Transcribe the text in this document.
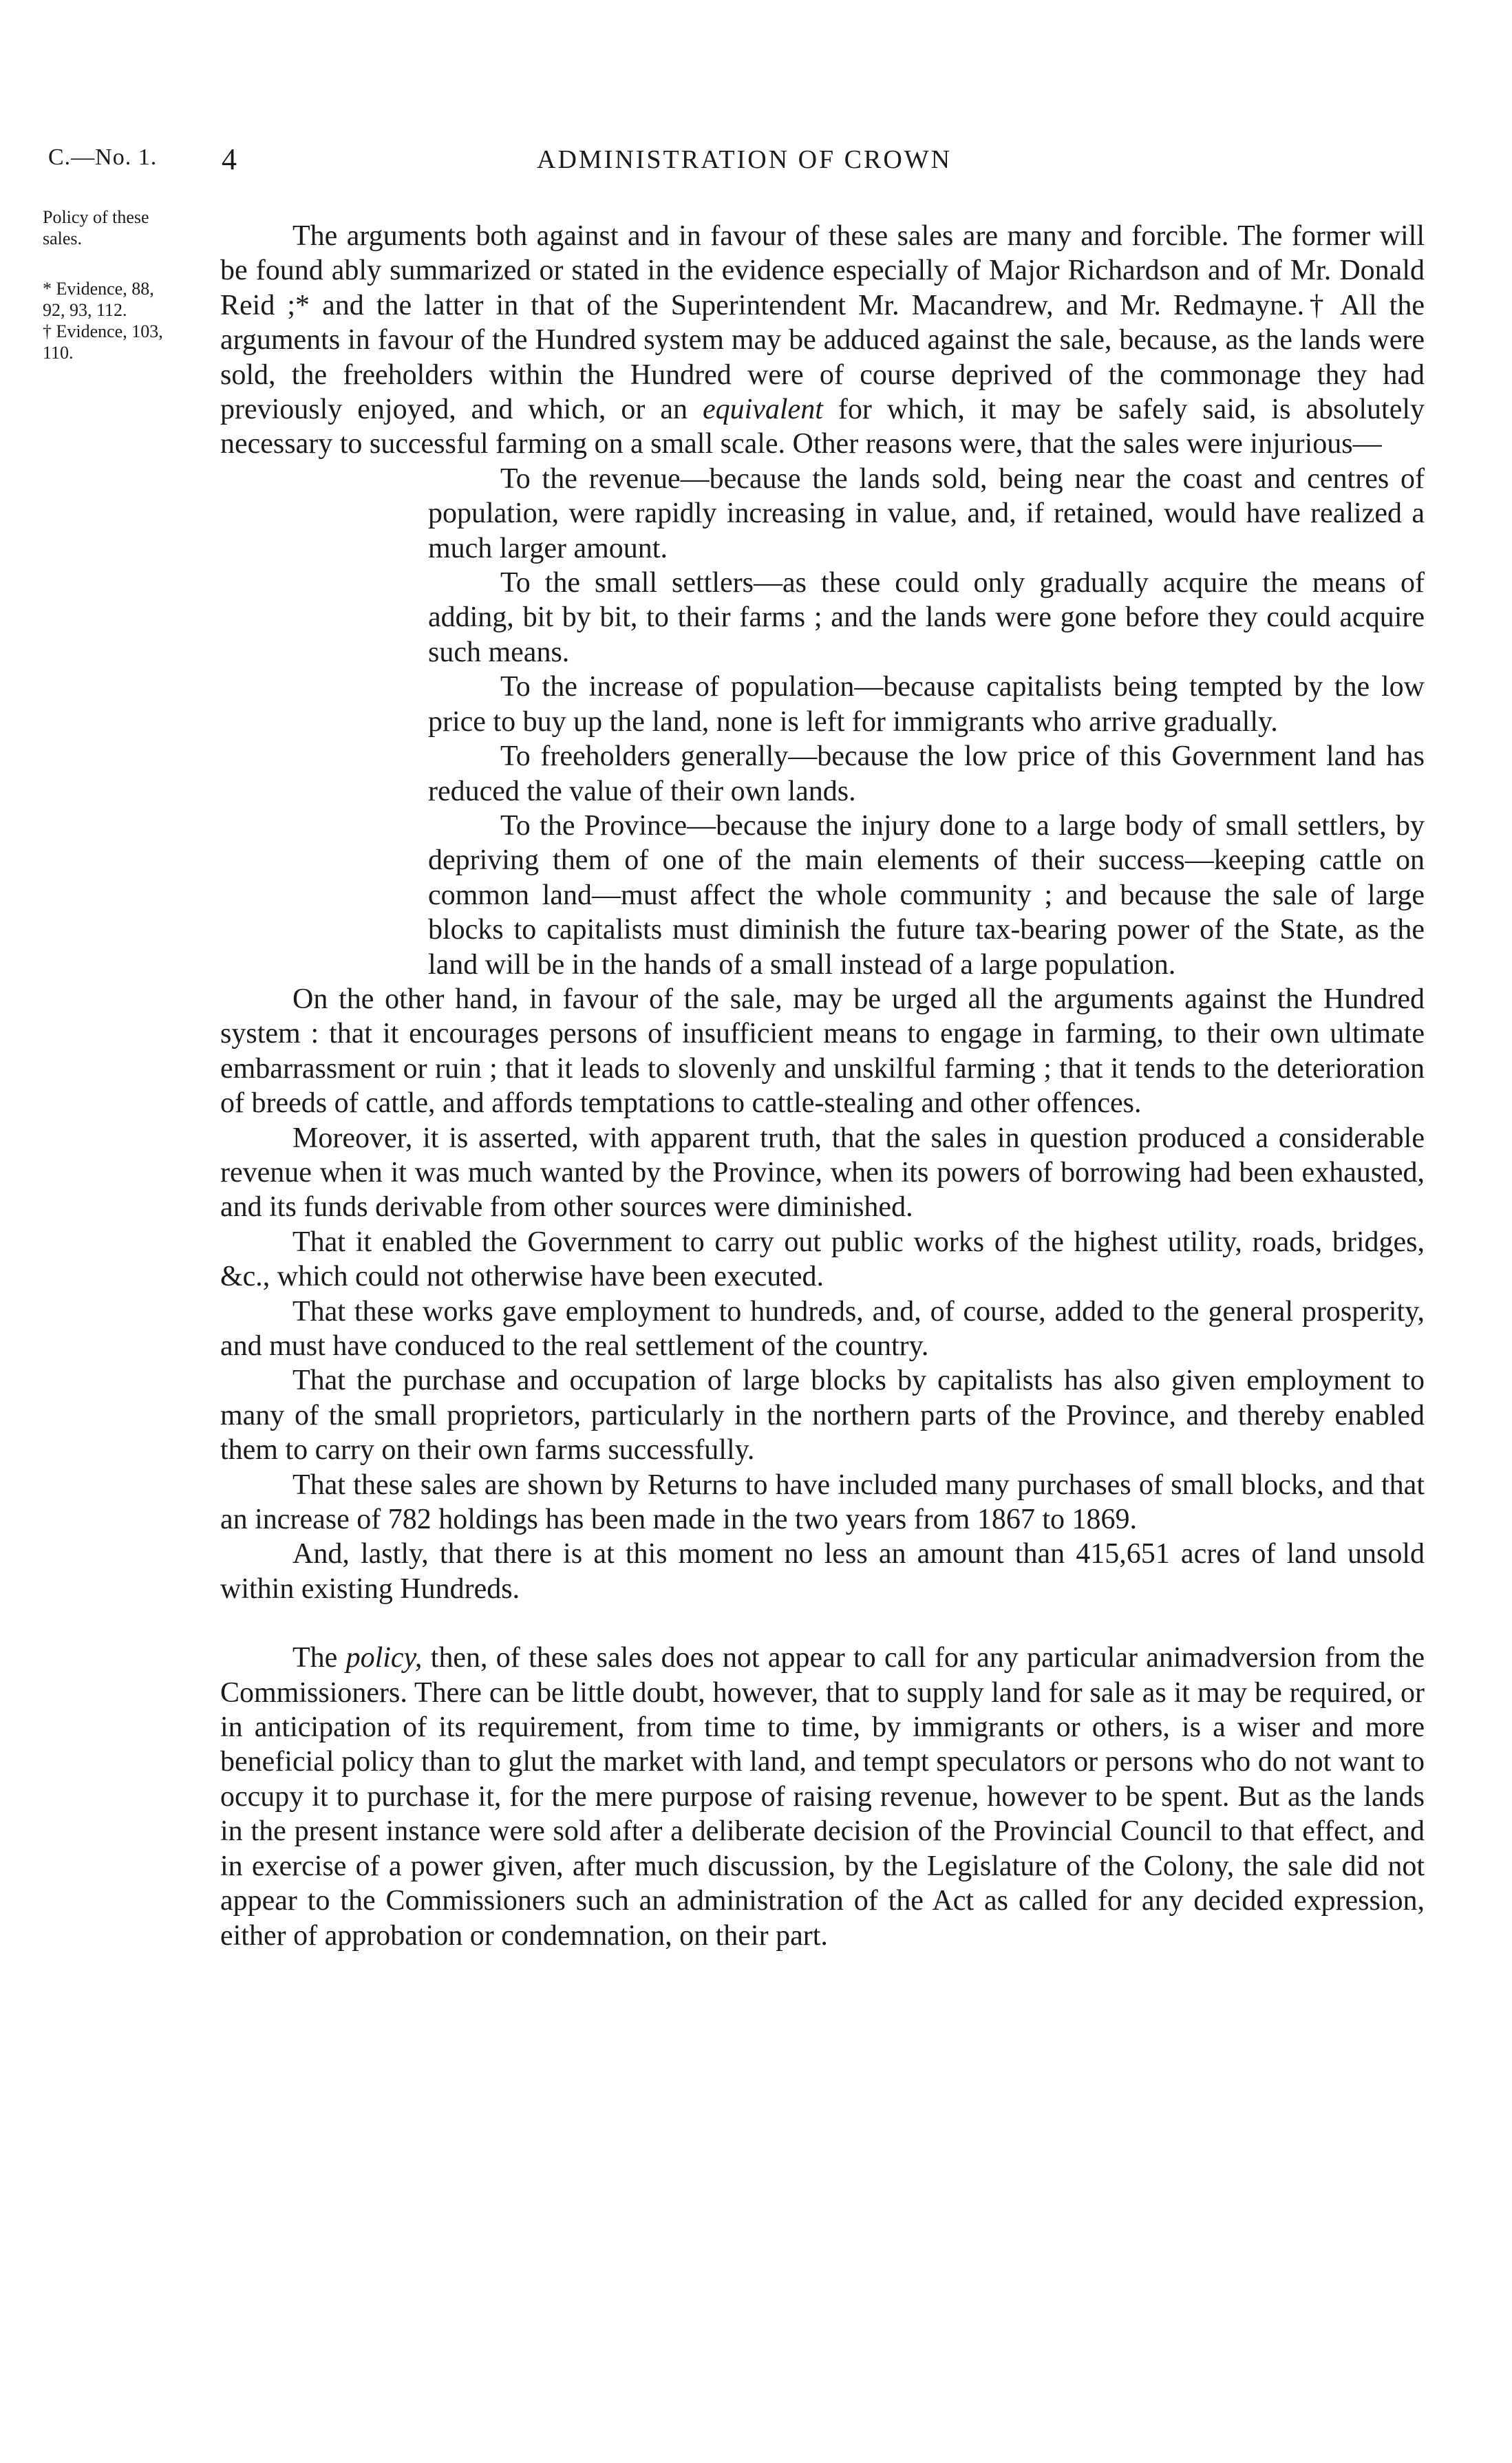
C.—No. 1. 4	ADMINISTRATION OF CROWN
Policy of these
sales.
* Evidence, 88,
92, 93, 112.
† Evidence, 103,
110.

The arguments both against and in favour of these sales are many and forcible. The former will be found ably summarized or stated in the evidence especially of Major Richardson and of Mr. Donald Reid ;* and the latter in that of the Superintendent Mr. Macandrew, and Mr. Redmayne.† All the arguments in favour of the Hundred system may be adduced against the sale, because, as the lands were sold, the freeholders within the Hundred were of course deprived of the commonage they had previously enjoyed, and which, or an equivalent for which, it may be safely said, is absolutely necessary to successful farming on a small scale. Other reasons were, that the sales were injurious—

To the revenue—because the lands sold, being near the coast and centres of population, were rapidly increasing in value, and, if retained, would have realized a much larger amount.

To the small settlers—as these could only gradually acquire the means of adding, bit by bit, to their farms ; and the lands were gone before they could acquire such means.

To the increase of population—because capitalists being tempted by the low price to buy up the land, none is left for immigrants who arrive gradually.

To freeholders generally—because the low price of this Government land has reduced the value of their own lands.

To the Province—because the injury done to a large body of small settlers, by depriving them of one of the main elements of their success—keeping cattle on common land—must affect the whole community ; and because the sale of large blocks to capitalists must diminish the future tax-bearing power of the State, as the land will be in the hands of a small instead of a large population.

On the other hand, in favour of the sale, may be urged all the arguments against the Hundred system : that it encourages persons of insufficient means to engage in farming, to their own ultimate embarrassment or ruin ; that it leads to slovenly and unskilful farming ; that it tends to the deterioration of breeds of cattle, and affords temptations to cattle-stealing and other offences.

Moreover, it is asserted, with apparent truth, that the sales in question produced a considerable revenue when it was much wanted by the Province, when its powers of borrowing had been exhausted, and its funds derivable from other sources were diminished.

That it enabled the Government to carry out public works of the highest utility, roads, bridges, &c., which could not otherwise have been executed.

That these works gave employment to hundreds, and, of course, added to the general prosperity, and must have conduced to the real settlement of the country.

That the purchase and occupation of large blocks by capitalists has also given employment to many of the small proprietors, particularly in the northern parts of the Province, and thereby enabled them to carry on their own farms successfully.

That these sales are shown by Returns to have included many purchases of small blocks, and that an increase of 782 holdings has been made in the two years from 1867 to 1869.

And, lastly, that there is at this moment no less an amount than 415,651 acres of land unsold within existing Hundreds.

The policy, then, of these sales does not appear to call for any particular animadversion from the Commissioners. There can be little doubt, however, that to supply land for sale as it may be required, or in anticipation of its requirement, from time to time, by immigrants or others, is a wiser and more beneficial policy than to glut the market with land, and tempt speculators or persons who do not want to occupy it to purchase it, for the mere purpose of raising revenue, however to be spent. But as the lands in the present instance were sold after a deliberate decision of the Provincial Council to that effect, and in exercise of a power given, after much discussion, by the Legislature of the Colony, the sale did not appear to the Commissioners such an administration of the Act as called for any decided expression, either of approbation or condemnation, on their part.
